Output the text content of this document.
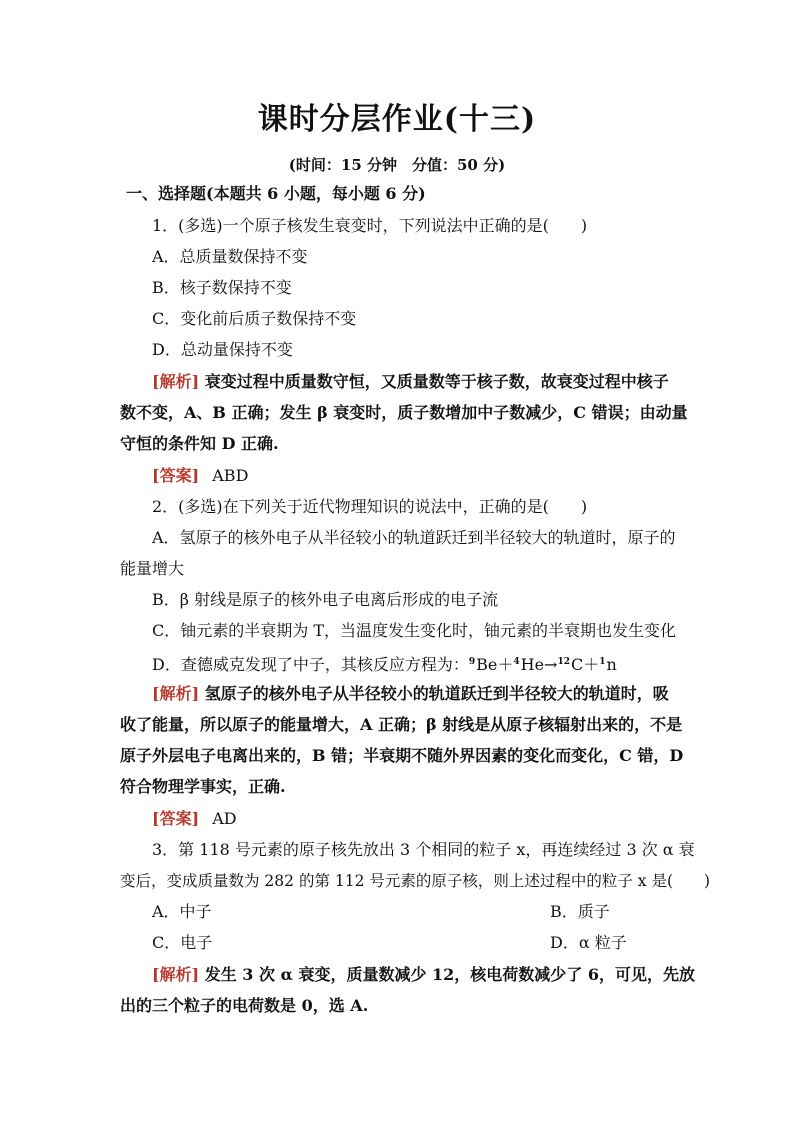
课时分层作业(十三)
(时间：15 分钟　分值：50 分)
一、选择题(本题共 6 小题，每小题 6 分)
1．(多选)一个原子核发生衰变时，下列说法中正确的是(　　)
A．总质量数保持不变
B．核子数保持不变
C．变化前后质子数保持不变
D．总动量保持不变
[解析] 衰变过程中质量数守恒，又质量数等于核子数，故衰变过程中核子
数不变，A、B 正确；发生 β 衰变时，质子数增加中子数减少，C 错误；由动量
守恒的条件知 D 正确.
[答案] ABD
2．(多选)在下列关于近代物理知识的说法中，正确的是(　　)
A．氢原子的核外电子从半径较小的轨道跃迁到半径较大的轨道时，原子的
能量增大
B．β 射线是原子的核外电子电离后形成的电子流
C．铀元素的半衰期为 T，当温度发生变化时，铀元素的半衰期也发生变化
D．查德威克发现了中子，其核反应方程为：$^9$Be＋$^4$He→$^{12}$C＋$^1$n
[解析] 氢原子的核外电子从半径较小的轨道跃迁到半径较大的轨道时，吸
收了能量，所以原子的能量增大，A 正确；β 射线是从原子核辐射出来的，不是
原子外层电子电离出来的，B 错；半衰期不随外界因素的变化而变化，C 错，D
符合物理学事实，正确.
[答案] AD
3．第 118 号元素的原子核先放出 3 个相同的粒子 x，再连续经过 3 次 α 衰
变后，变成质量数为 282 的第 112 号元素的原子核，则上述过程中的粒子 x 是(　　)
A．中子	B．质子
C．电子	D．α 粒子
[解析] 发生 3 次 α 衰变，质量数减少 12，核电荷数减少了 6，可见，先放
出的三个粒子的电荷数是 0，选 A.
